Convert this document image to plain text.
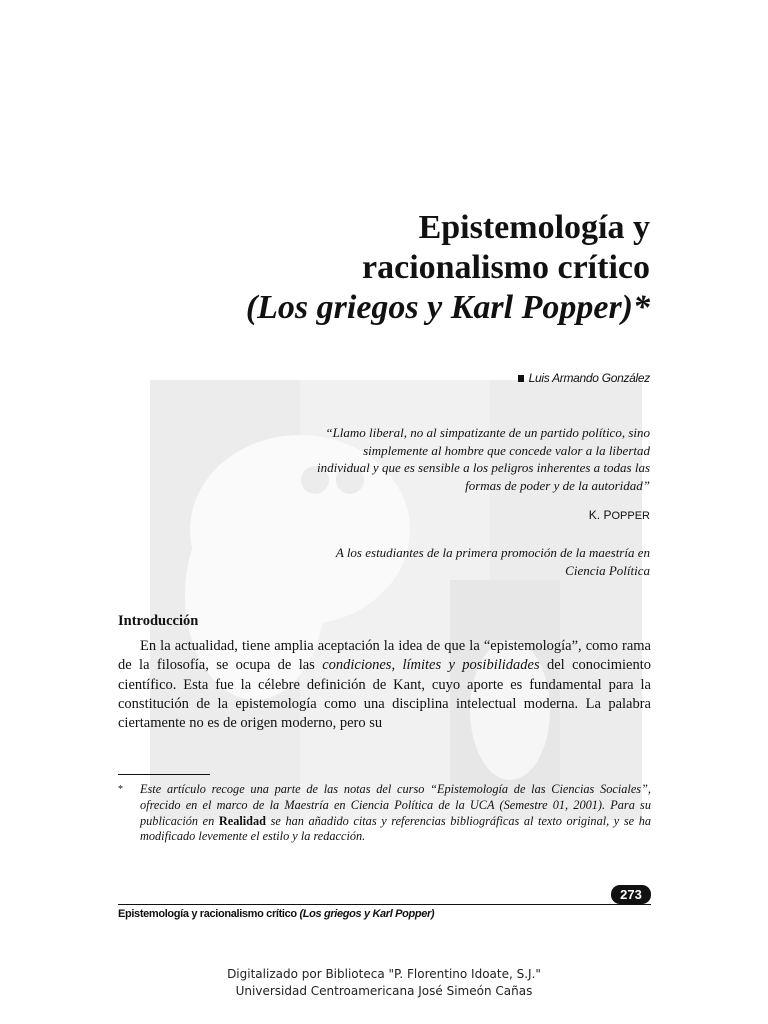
Epistemología y
racionalismo crítico
(Los griegos y Karl Popper)*
Luis Armando González
“Llamo liberal, no al simpatizante de un partido político, sino simplemente al hombre que concede valor a la libertad individual y que es sensible a los peligros inherentes a todas las formas de poder y de la autoridad”
K. POPPER
A los estudiantes de la primera promoción de la maestría en Ciencia Política
Introducción
En la actualidad, tiene amplia aceptación la idea de que la “epistemología”, como rama de la filosofía, se ocupa de las condiciones, límites y posibilidades del conocimiento científico. Esta fue la célebre definición de Kant, cuyo aporte es fundamental para la constitución de la epistemología como una disciplina intelectual moderna. La palabra ciertamente no es de origen moderno, pero su
* Este artículo recoge una parte de las notas del curso “Epistemología de las Ciencias Sociales”, ofrecido en el marco de la Maestría en Ciencia Política de la UCA (Semestre 01, 2001). Para su publicación en Realidad se han añadido citas y referencias bibliográficas al texto original, y se ha modificado levemente el estilo y la redacción.
273
Epistemología y racionalismo crítico (Los griegos y Karl Popper)
Digitalizado por Biblioteca "P. Florentino Idoate, S.J."
Universidad Centroamericana José Simeón Cañas
